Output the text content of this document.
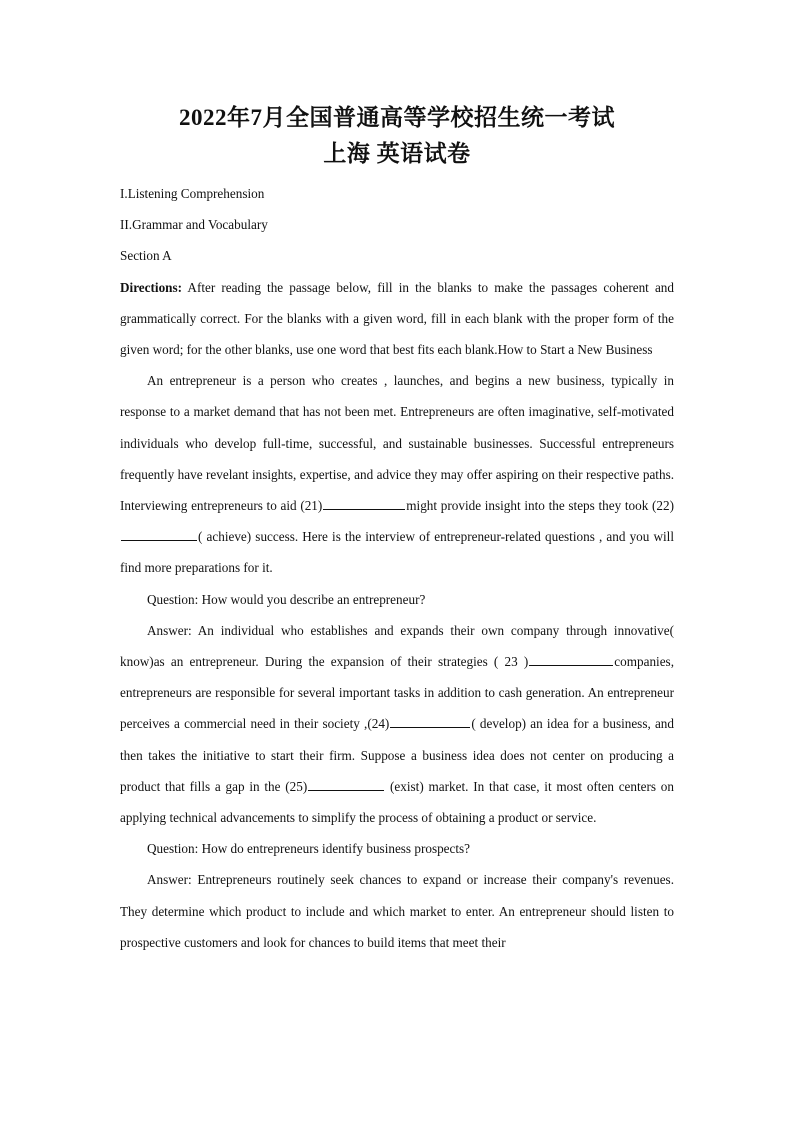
2022年7月全国普通高等学校招生统一考试
上海 英语试卷

I.Listening Comprehension

II.Grammar and Vocabulary

Section A

Directions: After reading the passage below, fill in the blanks to make the passages coherent and grammatically correct. For the blanks with a given word, fill in each blank with the proper form of the given word; for the other blanks, use one word that best fits each blank.How to Start a New Business

An entrepreneur is a person who creates , launches, and begins a new business, typically in response to a market demand that has not been met. Entrepreneurs are often imaginative, self-motivated individuals who develop full-time, successful, and sustainable businesses. Successful entrepreneurs frequently have revelant insights, expertise, and advice they may offer aspiring on their respective paths. Interviewing entrepreneurs to aid (21)	might provide insight into the steps they took (22)( achieve) success. Here is the interview of entrepreneur-related questions , and you will find more preparations for it.

Question: How would you describe an entrepreneur?

Answer: An individual who establishes and expands their own company through innovative( know)as an entrepreneur. During the expansion of their strategies ( 23 )	companies, entrepreneurs are responsible for several important tasks in addition to cash generation. An entrepreneur perceives a commercial need in their society ,(24)	( develop) an idea for a business, and then takes the initiative to start their firm. Suppose a business idea does not center on producing a product that fills a gap in the (25)	(exist) market. In that case, it most often centers on applying technical advancements to simplify the process of obtaining a product or service.

Question: How do entrepreneurs identify business prospects?

Answer: Entrepreneurs routinely seek chances to expand or increase their company's revenues. They determine which product to include and which market to enter. An entrepreneur should listen to prospective customers and look for chances to build items that meet their
